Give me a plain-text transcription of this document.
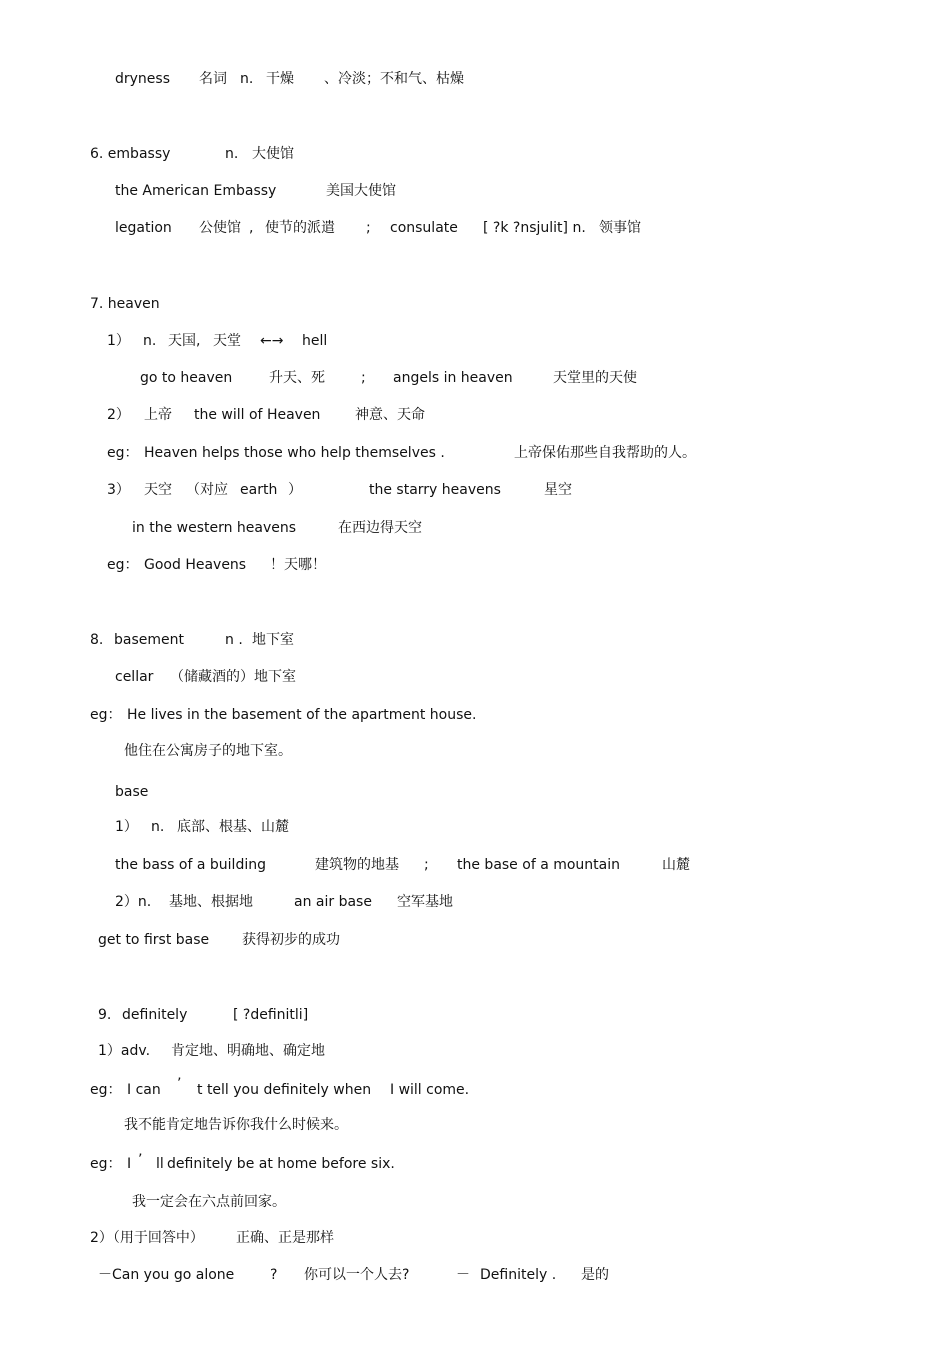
dryness 名词 n. 干燥 、冷淡；不和气、枯燥
6. embassy	n. 大使馆
the American Embassy	美国大使馆
legation 公使馆 , 使节的派遣 ; consulate [ ?k ?nsjulit] n. 领事馆
7. heaven
1） n. 天国, 天堂 ←→ hell
go to heaven	升天、死	; angels in heaven	天堂里的天使
2） 上帝 the will of Heaven 神意、天命
eg： Heaven helps those who help themselves .	上帝保佑那些自我帮助的人。
3） 天空 （对应 earth ）	the starry heavens	星空
in the western heavens	在西边得天空
eg： Good Heavens ！天哪！
8. basement	n . 地下室
cellar （储藏酒的）地下室
eg： He lives in the basement of the apartment house.
他住在公寓房子的地下室。
base
1） n. 底部、根基、山麓
the bass of a building	建筑物的地基 ; the base of a mountain	山麓
2）n. 基地、根据地	an air base 空军基地
get to first base 获得初步的成功
9. definitely	[ ?definitli]
1）adv. 肯定地、明确地、确定地
eg： I can ’ t tell you definitely when I will come.
我不能肯定地告诉你我什么时候来。
eg： I ’ ll definitely be at home before six.
我一定会在六点前回家。
2）（用于回答中） 正确、正是那样
－Can you go alone	? 你可以一个人去?	－ Definitely . 是的
